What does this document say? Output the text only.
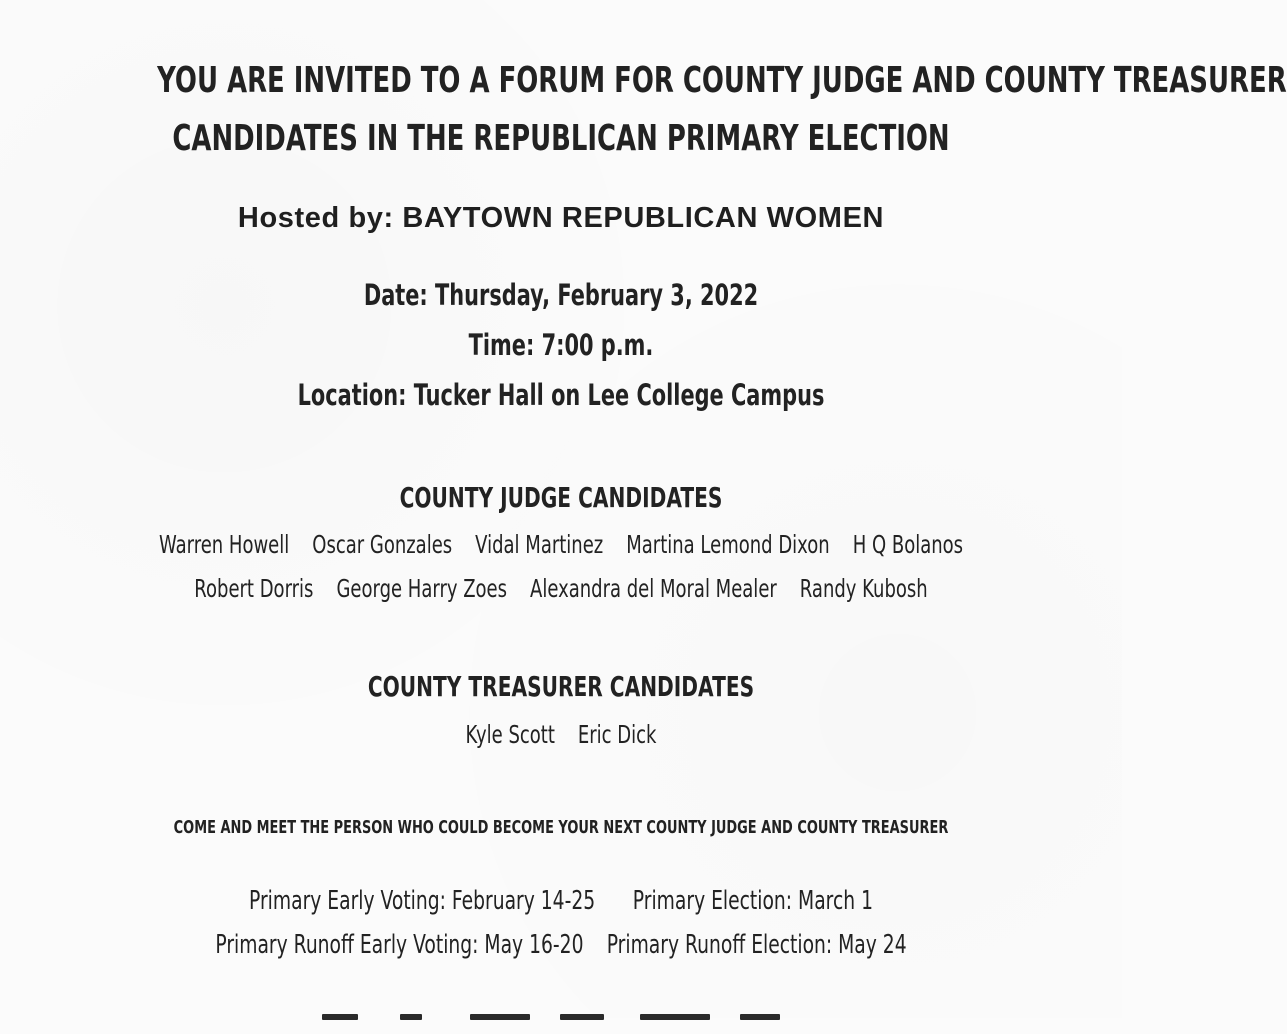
YOU ARE INVITED TO A FORUM FOR COUNTY JUDGE AND COUNTY TREASURER
CANDIDATES IN THE REPUBLICAN PRIMARY ELECTION
Hosted by: BAYTOWN REPUBLICAN WOMEN
Date: Thursday, February 3, 2022
Time: 7:00 p.m.
Location: Tucker Hall on Lee College Campus
COUNTY JUDGE CANDIDATES
Warren Howell Oscar Gonzales Vidal Martinez Martina Lemond Dixon H Q Bolanos
Robert Dorris George Harry Zoes Alexandra del Moral Mealer Randy Kubosh
COUNTY TREASURER CANDIDATES
Kyle Scott Eric Dick
COME AND MEET THE PERSON WHO COULD BECOME YOUR NEXT COUNTY JUDGE AND COUNTY TREASURER
Primary Early Voting: February 14-25 Primary Election: March 1
Primary Runoff Early Voting: May 16-20 Primary Runoff Election: May 24
